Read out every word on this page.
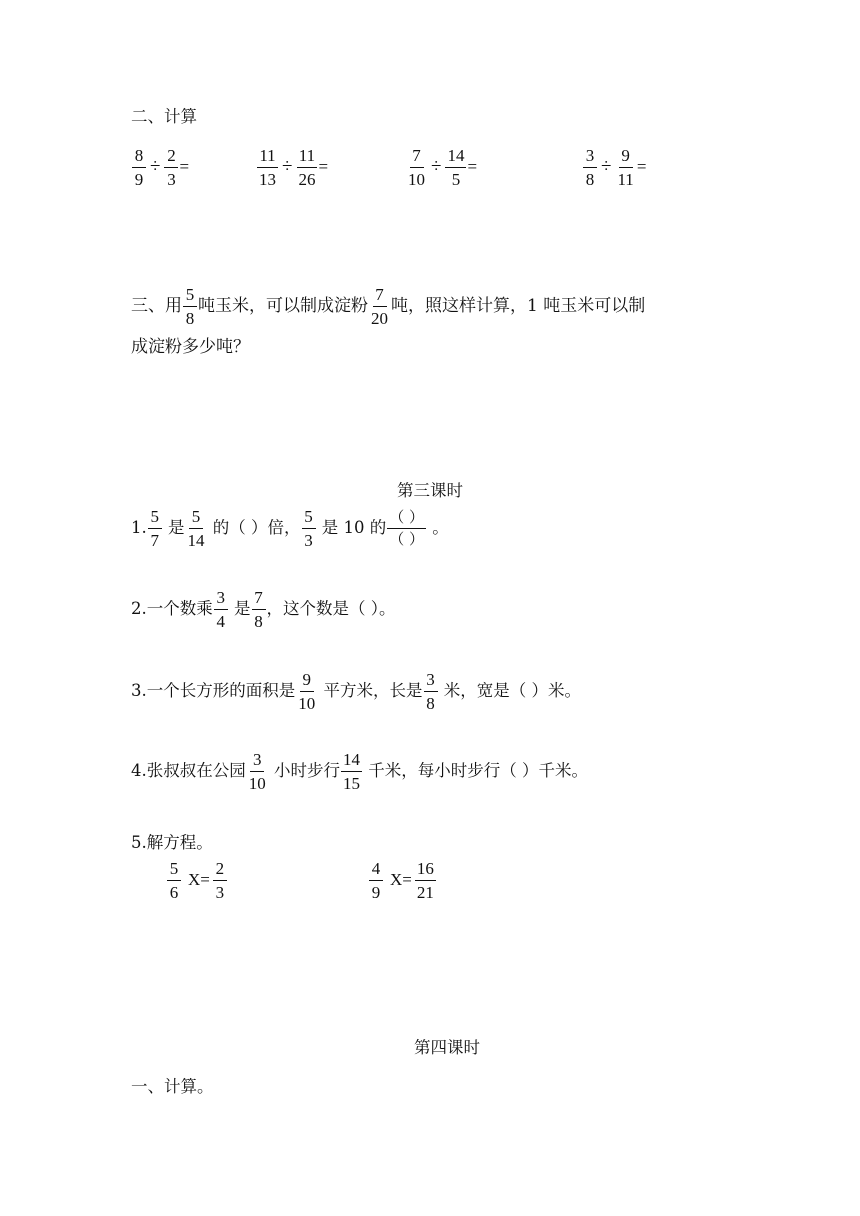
二、计算
$\frac{8}{9} \div \frac{2}{3}$ =	$\frac{11}{13} \div \frac{11}{26}$ =	$\frac{7}{10} \div \frac{14}{5}$ =	$\frac{3}{8} \div \frac{9}{11}$ =
三、用 $\frac{5}{8}$ 吨玉米，可以制成淀粉 $\frac{7}{20}$ 吨，照这样计算，1 吨玉米可以制
成淀粉多少吨？
第三课时
1. $\frac{5}{7}$ 是 $\frac{5}{14}$ 的（ ）倍， $\frac{5}{3}$ 是 10 的 $\frac{( )}{( )}$ 。
2.一个数乘 $\frac{3}{4}$ 是 $\frac{7}{8}$ ，这个数是（ ）。
3.一个长方形的面积是 $\frac{9}{10}$ 平方米，长是 $\frac{3}{8}$ 米，宽是（ ）米。
4.张叔叔在公园 $\frac{3}{10}$ 小时步行 $\frac{14}{15}$ 千米，每小时步行（ ）千米。
5.解方程。
$\frac{5}{6} X= \frac{2}{3}$	$\frac{4}{9} X= \frac{16}{21}$
第四课时
一、计算。
